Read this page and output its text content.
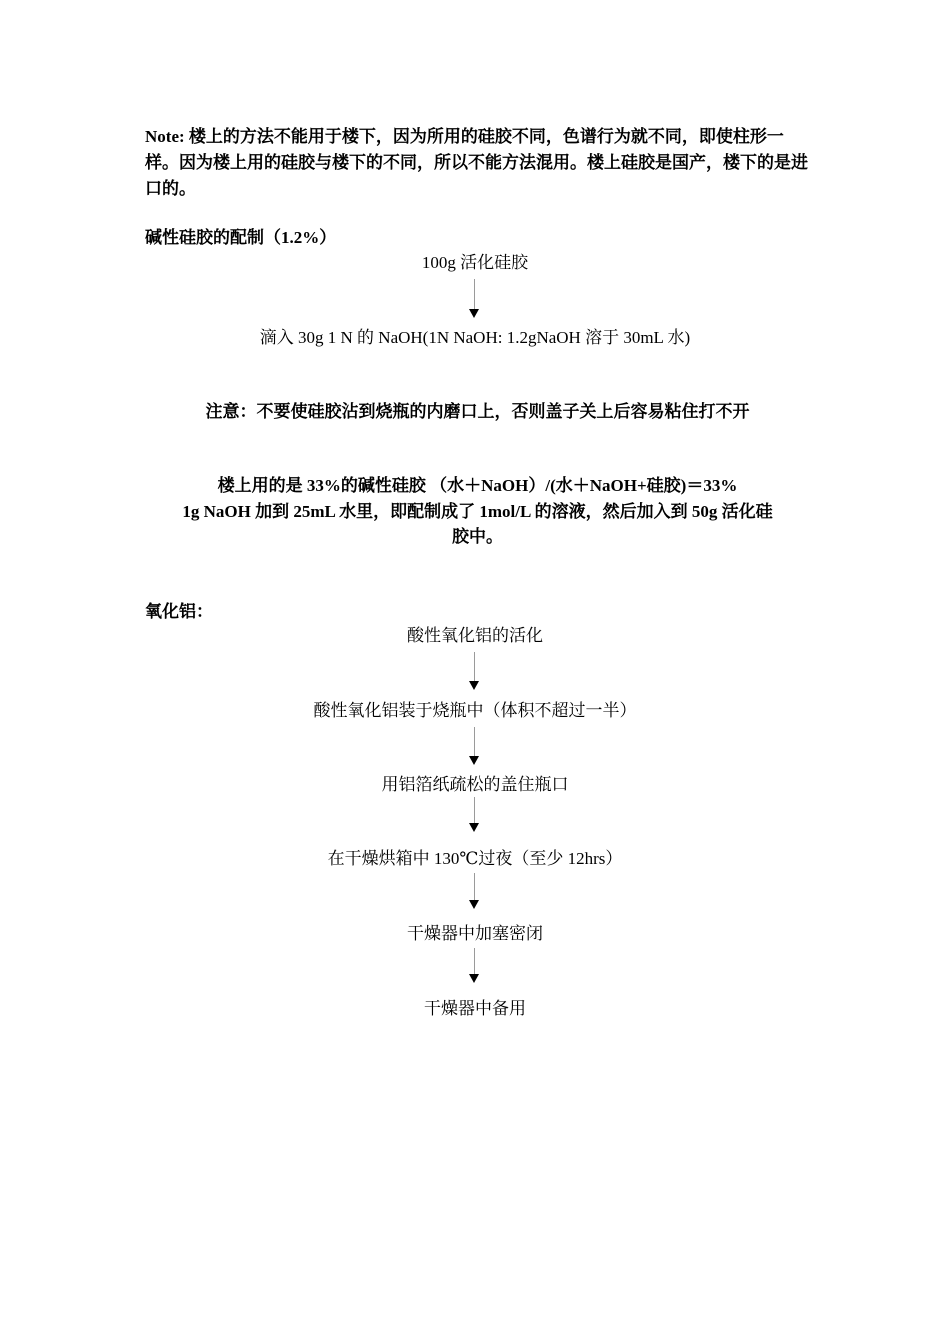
Note: 楼上的方法不能用于楼下，因为所用的硅胶不同，色谱行为就不同，即使柱形一样。因为楼上用的硅胶与楼下的不同，所以不能方法混用。楼上硅胶是国产，楼下的是进口的。
碱性硅胶的配制（1.2%）
100g 活化硅胶
滴入 30g 1 N 的 NaOH(1N NaOH: 1.2gNaOH 溶于 30mL 水)
注意：不要使硅胶沾到烧瓶的内磨口上，否则盖子关上后容易粘住打不开
楼上用的是 33%的碱性硅胶 （水＋NaOH）/(水＋NaOH+硅胶)＝33%
1g NaOH 加到 25mL 水里，即配制成了 1mol/L 的溶液，然后加入到 50g 活化硅
胶中。
氧化铝：
酸性氧化铝的活化
酸性氧化铝装于烧瓶中（体积不超过一半）
用铝箔纸疏松的盖住瓶口
在干燥烘箱中 130℃过夜（至少 12hrs）
干燥器中加塞密闭
干燥器中备用
